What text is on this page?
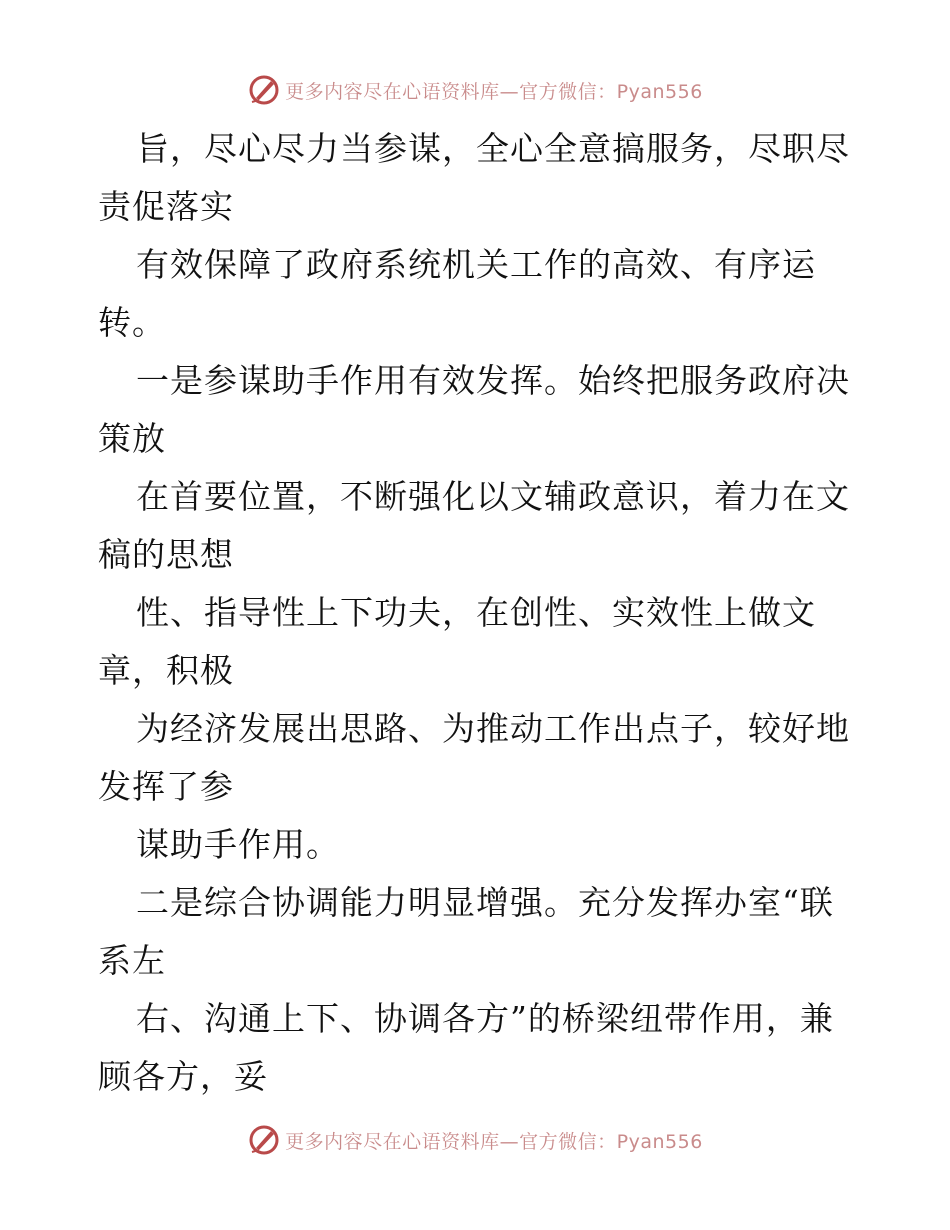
更多内容尽在心语资料库—官方微信：Pyan556
旨，尽心尽力当参谋，全心全意搞服务，尽职尽
责促落实
有效保障了政府系统机关工作的高效、有序运
转。
一是参谋助手作用有效发挥。始终把服务政府决
策放
在首要位置，不断强化以文辅政意识，着力在文
稿的思想
性、指导性上下功夫，在创性、实效性上做文
章，积极
为经济发展出思路、为推动工作出点子，较好地
发挥了参
谋助手作用。
二是综合协调能力明显增强。充分发挥办室“联
系左
右、沟通上下、协调各方”的桥梁纽带作用，兼
顾各方，妥
更多内容尽在心语资料库—官方微信：Pyan556
